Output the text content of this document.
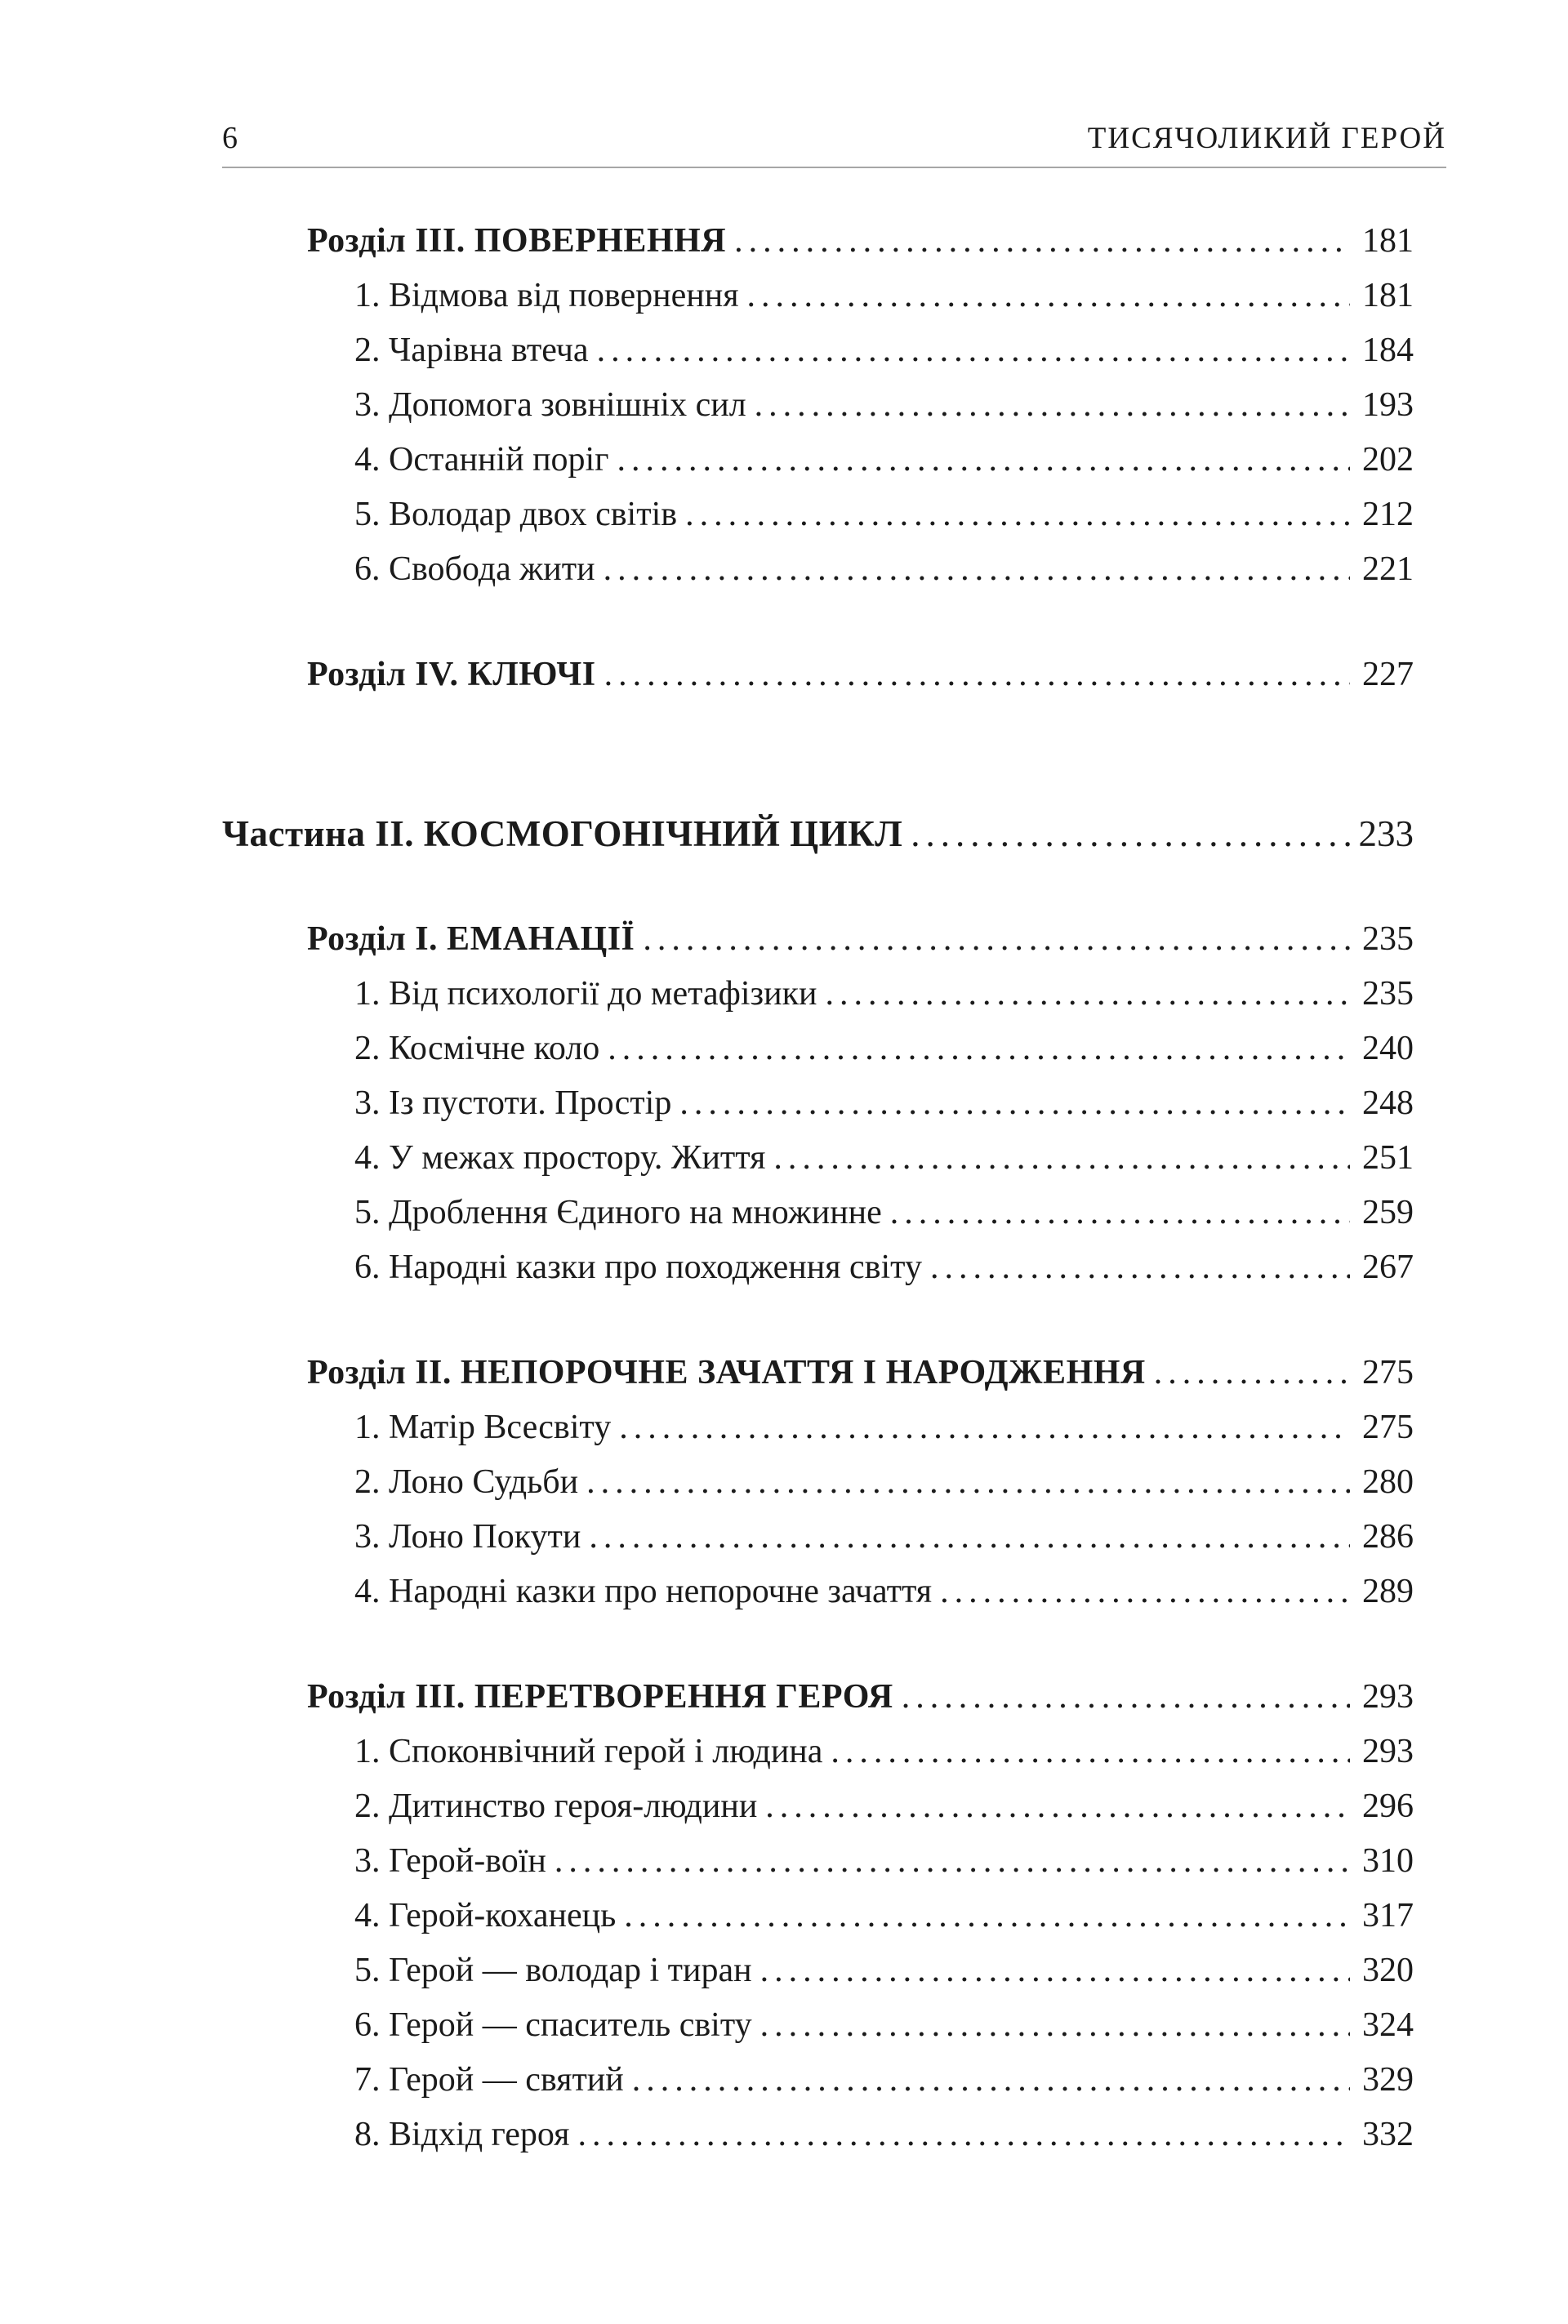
6	ТИСЯЧОЛИКИЙ ГЕРОЙ
Розділ III. ПОВЕРНЕННЯ .....	181
1. Відмова від повернення .....	181
2. Чарівна втеча .....	184
3. Допомога зовнішніх сил .....	193
4. Останній поріг .....	202
5. Володар двох світів .....	212
6. Свобода жити .....	221
Розділ IV. КЛЮЧІ .....	227
Частина II. КОСМОГОНІЧНИЙ ЦИКЛ .....	233
Розділ I. ЕМАНАЦІЇ .....	235
1. Від психології до метафізики .....	235
2. Космічне коло .....	240
3. Із пустоти. Простір .....	248
4. У межах простору. Життя .....	251
5. Дроблення Єдиного на множинне .....	259
6. Народні казки про походження світу .....	267
Розділ II. НЕПОРОЧНЕ ЗАЧАТТЯ І НАРОДЖЕННЯ .....	275
1. Матір Всесвіту .....	275
2. Лоно Судьби .....	280
3. Лоно Покути .....	286
4. Народні казки про непорочне зачаття .....	289
Розділ III. ПЕРЕТВОРЕННЯ ГЕРОЯ .....	293
1. Споконвічний герой і людина .....	293
2. Дитинство героя-людини .....	296
3. Герой-воїн .....	310
4. Герой-коханець .....	317
5. Герой — володар і тиран .....	320
6. Герой — спаситель світу .....	324
7. Герой — святий .....	329
8. Відхід героя .....	332
